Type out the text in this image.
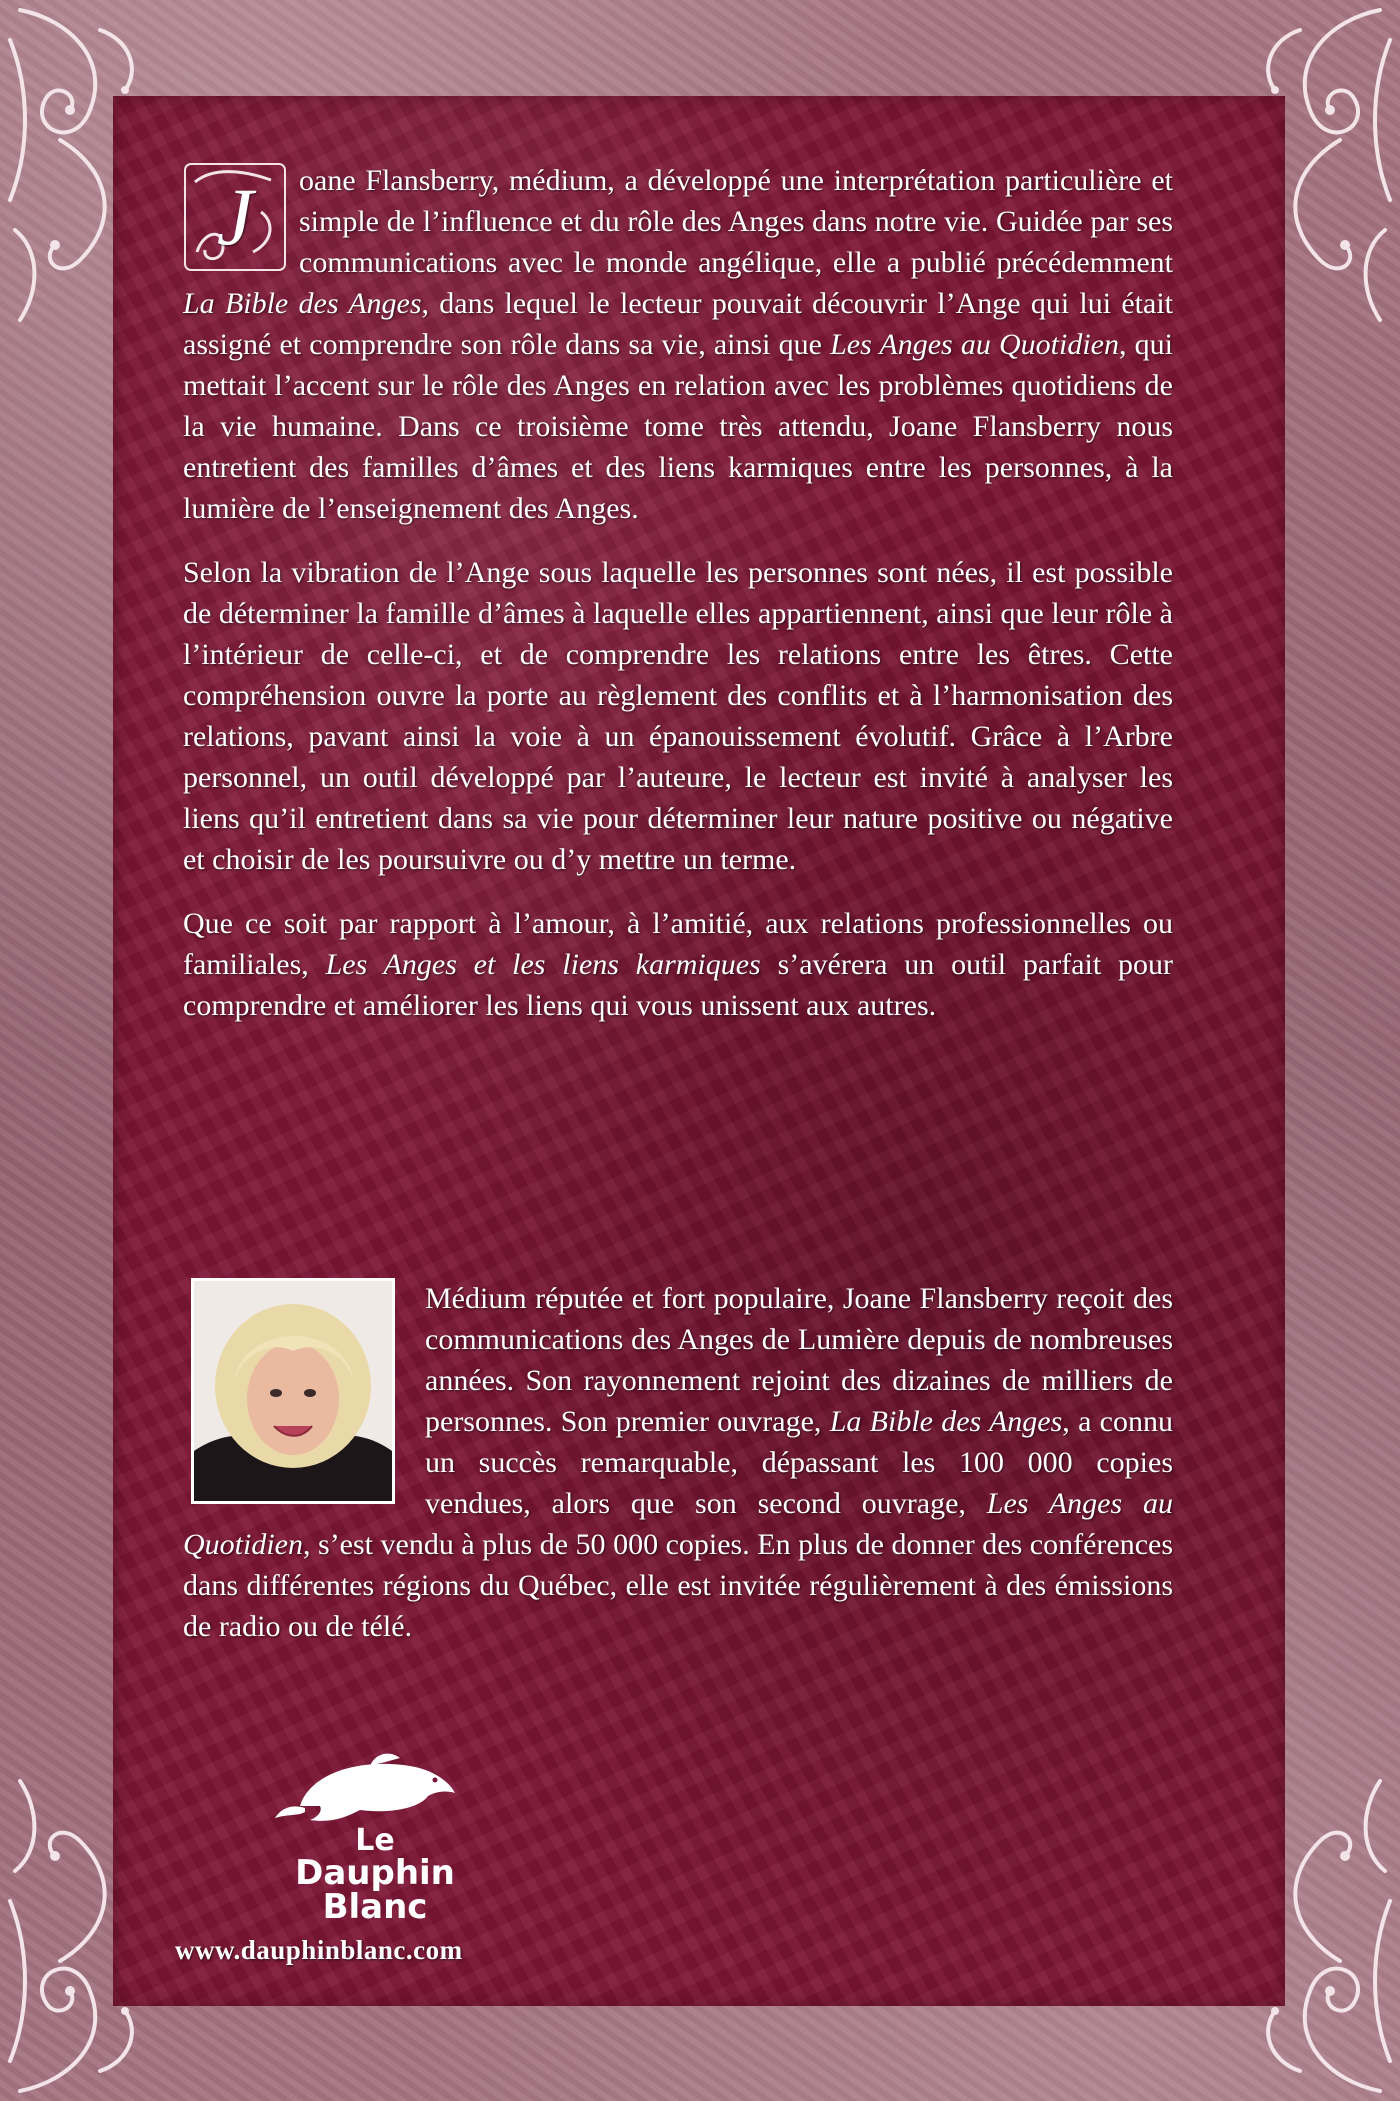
J oane Flansberry, médium, a développé une interprétation particulière et simple de l’influence et du rôle des Anges dans notre vie. Guidée par ses communications avec le monde angélique, elle a publié précédemment La Bible des Anges, dans lequel le lecteur pouvait découvrir l’Ange qui lui était assigné et comprendre son rôle dans sa vie, ainsi que Les Anges au Quotidien, qui mettait l’accent sur le rôle des Anges en relation avec les problèmes quotidiens de la vie humaine. Dans ce troisième tome très attendu, Joane Flansberry nous entretient des familles d’âmes et des liens karmiques entre les personnes, à la lumière de l’enseignement des Anges.

Selon la vibration de l’Ange sous laquelle les personnes sont nées, il est possible de déterminer la famille d’âmes à laquelle elles appartiennent, ainsi que leur rôle à l’intérieur de celle-ci, et de comprendre les relations entre les êtres. Cette compréhension ouvre la porte au règlement des conflits et à l’harmonisation des relations, pavant ainsi la voie à un épanouissement évolutif. Grâce à l’Arbre personnel, un outil développé par l’auteure, le lecteur est invité à analyser les liens qu’il entretient dans sa vie pour déterminer leur nature positive ou négative et choisir de les poursuivre ou d’y mettre un terme.

Que ce soit par rapport à l’amour, à l’amitié, aux relations professionnelles ou familiales, Les Anges et les liens karmiques s’avérera un outil parfait pour comprendre et améliorer les liens qui vous unissent aux autres.

Médium réputée et fort populaire, Joane Flansberry reçoit des communications des Anges de Lumière depuis de nombreuses années. Son rayonnement rejoint des dizaines de milliers de personnes. Son premier ouvrage, La Bible des Anges, a connu un succès remarquable, dépassant les 100 000 copies vendues, alors que son second ouvrage, Les Anges au Quotidien, s’est vendu à plus de 50 000 copies. En plus de donner des conférences dans différentes régions du Québec, elle est invitée régulièrement à des émissions de radio ou de télé.
Le
Dauphin
Blanc
www.dauphinblanc.com
